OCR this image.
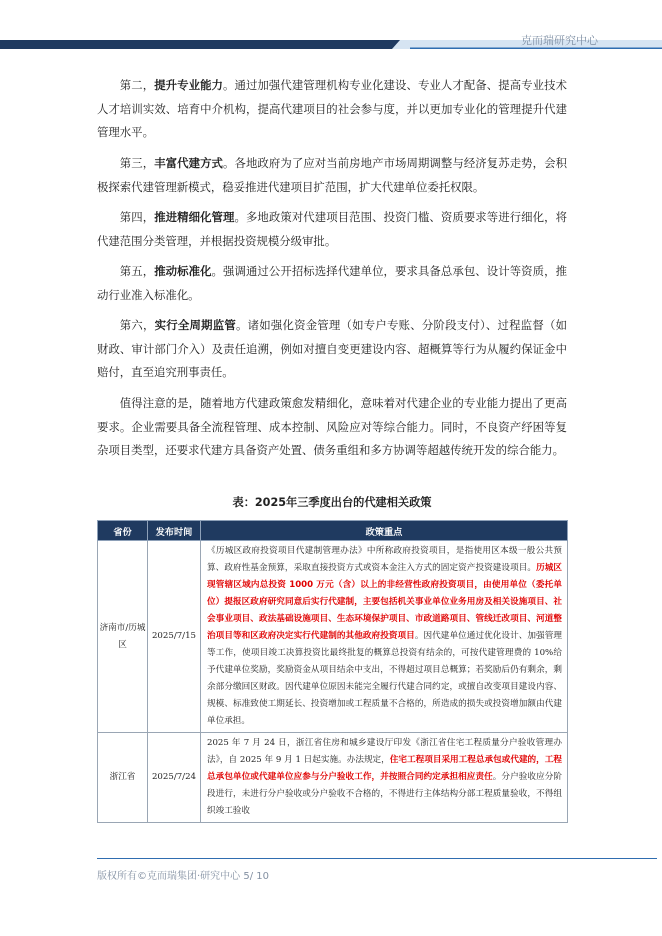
克而瑞研究中心

第二，提升专业能力。通过加强代建管理机构专业化建设、专业人才配备、提高专业技术人才培训实效、培育中介机构，提高代建项目的社会参与度，并以更加专业化的管理提升代建管理水平。

第三，丰富代建方式。各地政府为了应对当前房地产市场周期调整与经济复苏走势，会积极探索代建管理新模式，稳妥推进代建项目扩范围，扩大代建单位委托权限。

第四，推进精细化管理。多地政策对代建项目范围、投资门槛、资质要求等进行细化，将代建范围分类管理，并根据投资规模分级审批。

第五，推动标准化。强调通过公开招标选择代建单位，要求具备总承包、设计等资质，推动行业准入标准化。

第六，实行全周期监管。诸如强化资金管理（如专户专账、分阶段支付）、过程监督（如财政、审计部门介入）及责任追溯，例如对擅自变更建设内容、超概算等行为从履约保证金中赔付，直至追究刑事责任。

值得注意的是，随着地方代建政策愈发精细化，意味着对代建企业的专业能力提出了更高要求。企业需要具备全流程管理、成本控制、风险应对等综合能力。同时，不良资产纾困等复杂项目类型，还要求代建方具备资产处置、债务重组和多方协调等超越传统开发的综合能力。

表：2025年三季度出台的代建相关政策
省份	发布时间	政策重点
济南市/历城区	2025/7/15	《历城区政府投资项目代建制管理办法》中所称政府投资项目，是指使用区本级一般公共预算、政府性基金预算，采取直接投资方式或资本金注入方式的固定资产投资建设项目。历城区现管辖区域内总投资 1000 万元（含）以上的非经营性政府投资项目，由使用单位（委托单位）提报区政府研究同意后实行代建制，主要包括机关事业单位业务用房及相关设施项目、社会事业项目、政法基础设施项目、生态环境保护项目、市政道路项目、管线迁改项目、河道整治项目等和区政府决定实行代建制的其他政府投资项目。因代建单位通过优化设计、加强管理等工作，使项目竣工决算投资比最终批复的概算总投资有结余的，可按代建管理费的 10%给予代建单位奖励，奖励资金从项目结余中支出，不得超过项目总概算；若奖励后仍有剩余，剩余部分缴回区财政。因代建单位原因未能完全履行代建合同约定，或擅自改变项目建设内容、规模、标准致使工期延长、投资增加或工程质量不合格的，所造成的损失或投资增加额由代建单位承担。
浙江省	2025/7/24	2025 年 7 月 24 日，浙江省住房和城乡建设厅印发《浙江省住宅工程质量分户验收管理办法》，自 2025 年 9 月 1 日起实施。办法规定，住宅工程项目采用工程总承包或代建的，工程总承包单位或代建单位应参与分户验收工作，并按照合同约定承担相应责任。分户验收应分阶段进行，未进行分户验收或分户验收不合格的，不得进行主体结构分部工程质量验收，不得组织竣工验收
版权所有©克而瑞集团·研究中心 5/ 10
